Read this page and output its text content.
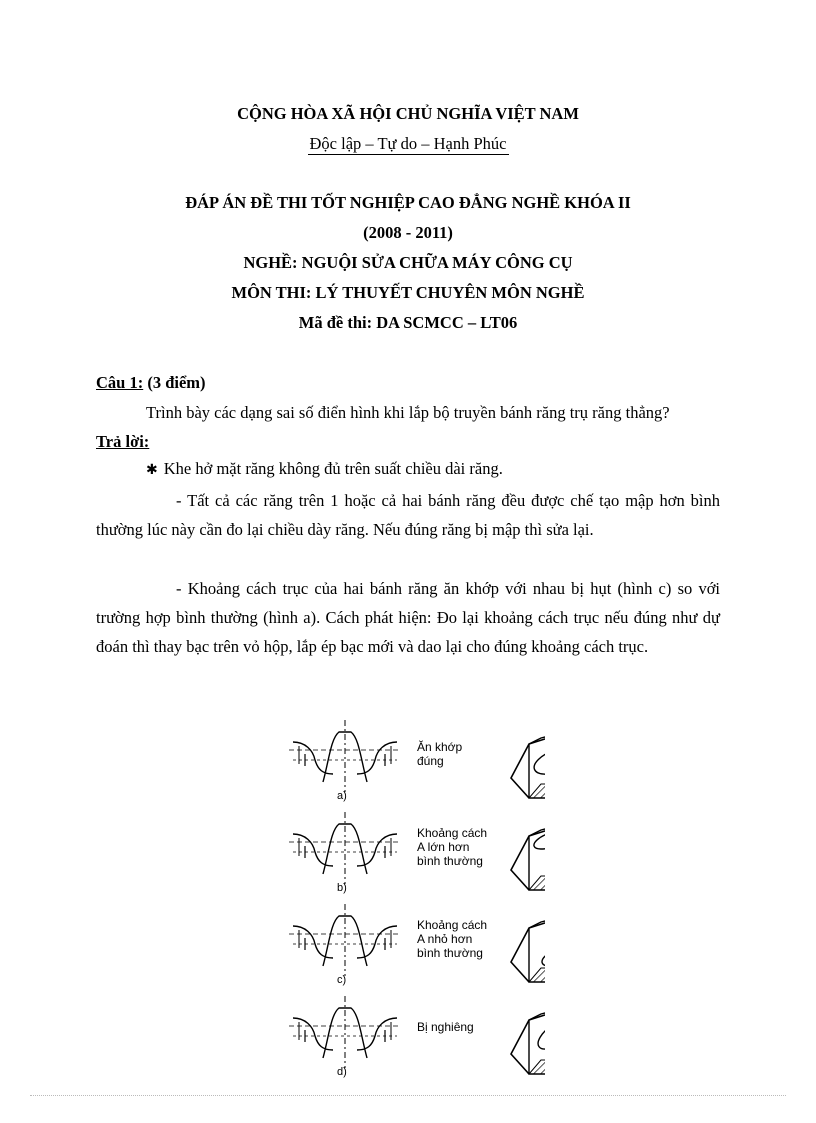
CỘNG HÒA XÃ HỘI CHỦ NGHĨA VIỆT NAM
Độc lập – Tự do – Hạnh Phúc
ĐÁP ÁN ĐỀ THI TỐT NGHIỆP CAO ĐẲNG NGHỀ KHÓA II
(2008 - 2011)
NGHỀ: NGUỘI SỬA CHỮA MÁY CÔNG CỤ
MÔN THI: LÝ THUYẾT CHUYÊN MÔN NGHỀ
Mã đề thi: DA SCMCC – LT06
Câu 1: (3 điểm)
Trình bày các dạng sai số điển hình khi lắp bộ truyền bánh răng trụ răng thẳng?
Trả lời:
✱ Khe hở mặt răng không đủ trên suất chiều dài răng.
- Tất cả các răng trên 1 hoặc cả hai bánh răng đều được chế tạo mập hơn bình thường lúc này cần đo lại chiều dày răng. Nếu đúng răng bị mập thì sửa lại.
- Khoảng cách trục của hai bánh răng ăn khớp với nhau bị hụt (hình c) so với trường hợp bình thường (hình a). Cách phát hiện: Đo lại khoảng cách trục nếu đúng như dự đoán thì thay bạc trên vỏ hộp, lắp ép bạc mới và dao lại cho đúng khoảng cách trục.
a)
Ăn khớp
đúng
b)
Khoảng cách
A lớn hơn
bình thường
c)
Khoảng cách
A nhỏ hơn
bình thường
d)
Bị nghiêng
